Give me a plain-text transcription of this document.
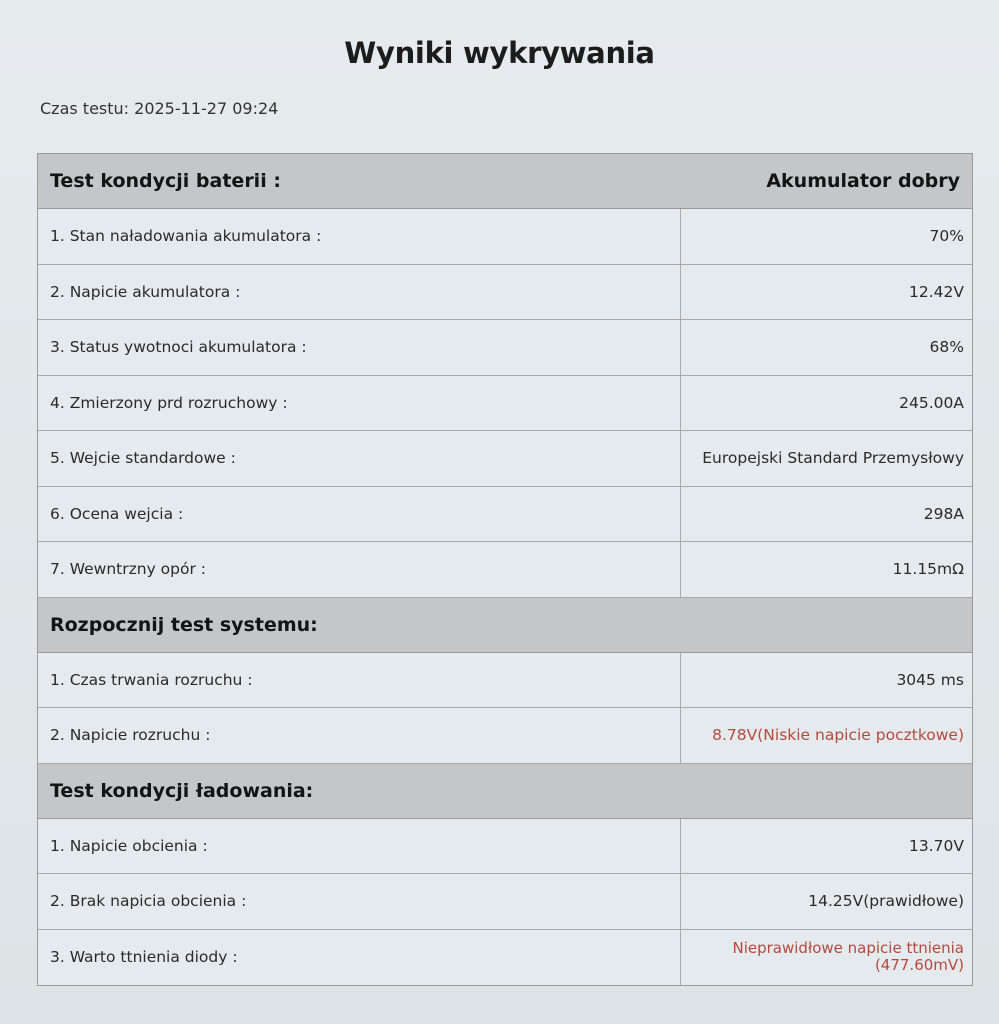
Wyniki wykrywania
Czas testu: 2025-11-27 09:24
Test kondycji baterii :	Akumulator dobry
1. Stan naładowania akumulatora :	70%
2. Napicie akumulatora :	12.42V
3. Status ywotnoci akumulatora :	68%
4. Zmierzony prd rozruchowy :	245.00A
5. Wejcie standardowe :	Europejski Standard Przemysłowy
6. Ocena wejcia :	298A
7. Wewntrzny opór :	11.15mΩ
Rozpocznij test systemu:
1. Czas trwania rozruchu :	3045 ms
2. Napicie rozruchu :	8.78V(Niskie napicie pocztkowe)
Test kondycji ładowania:
1. Napicie obcienia :	13.70V
2. Brak napicia obcienia :	14.25V(prawidłowe)
3. Warto ttnienia diody :	Nieprawidłowe napicie ttnienia
(477.60mV)
